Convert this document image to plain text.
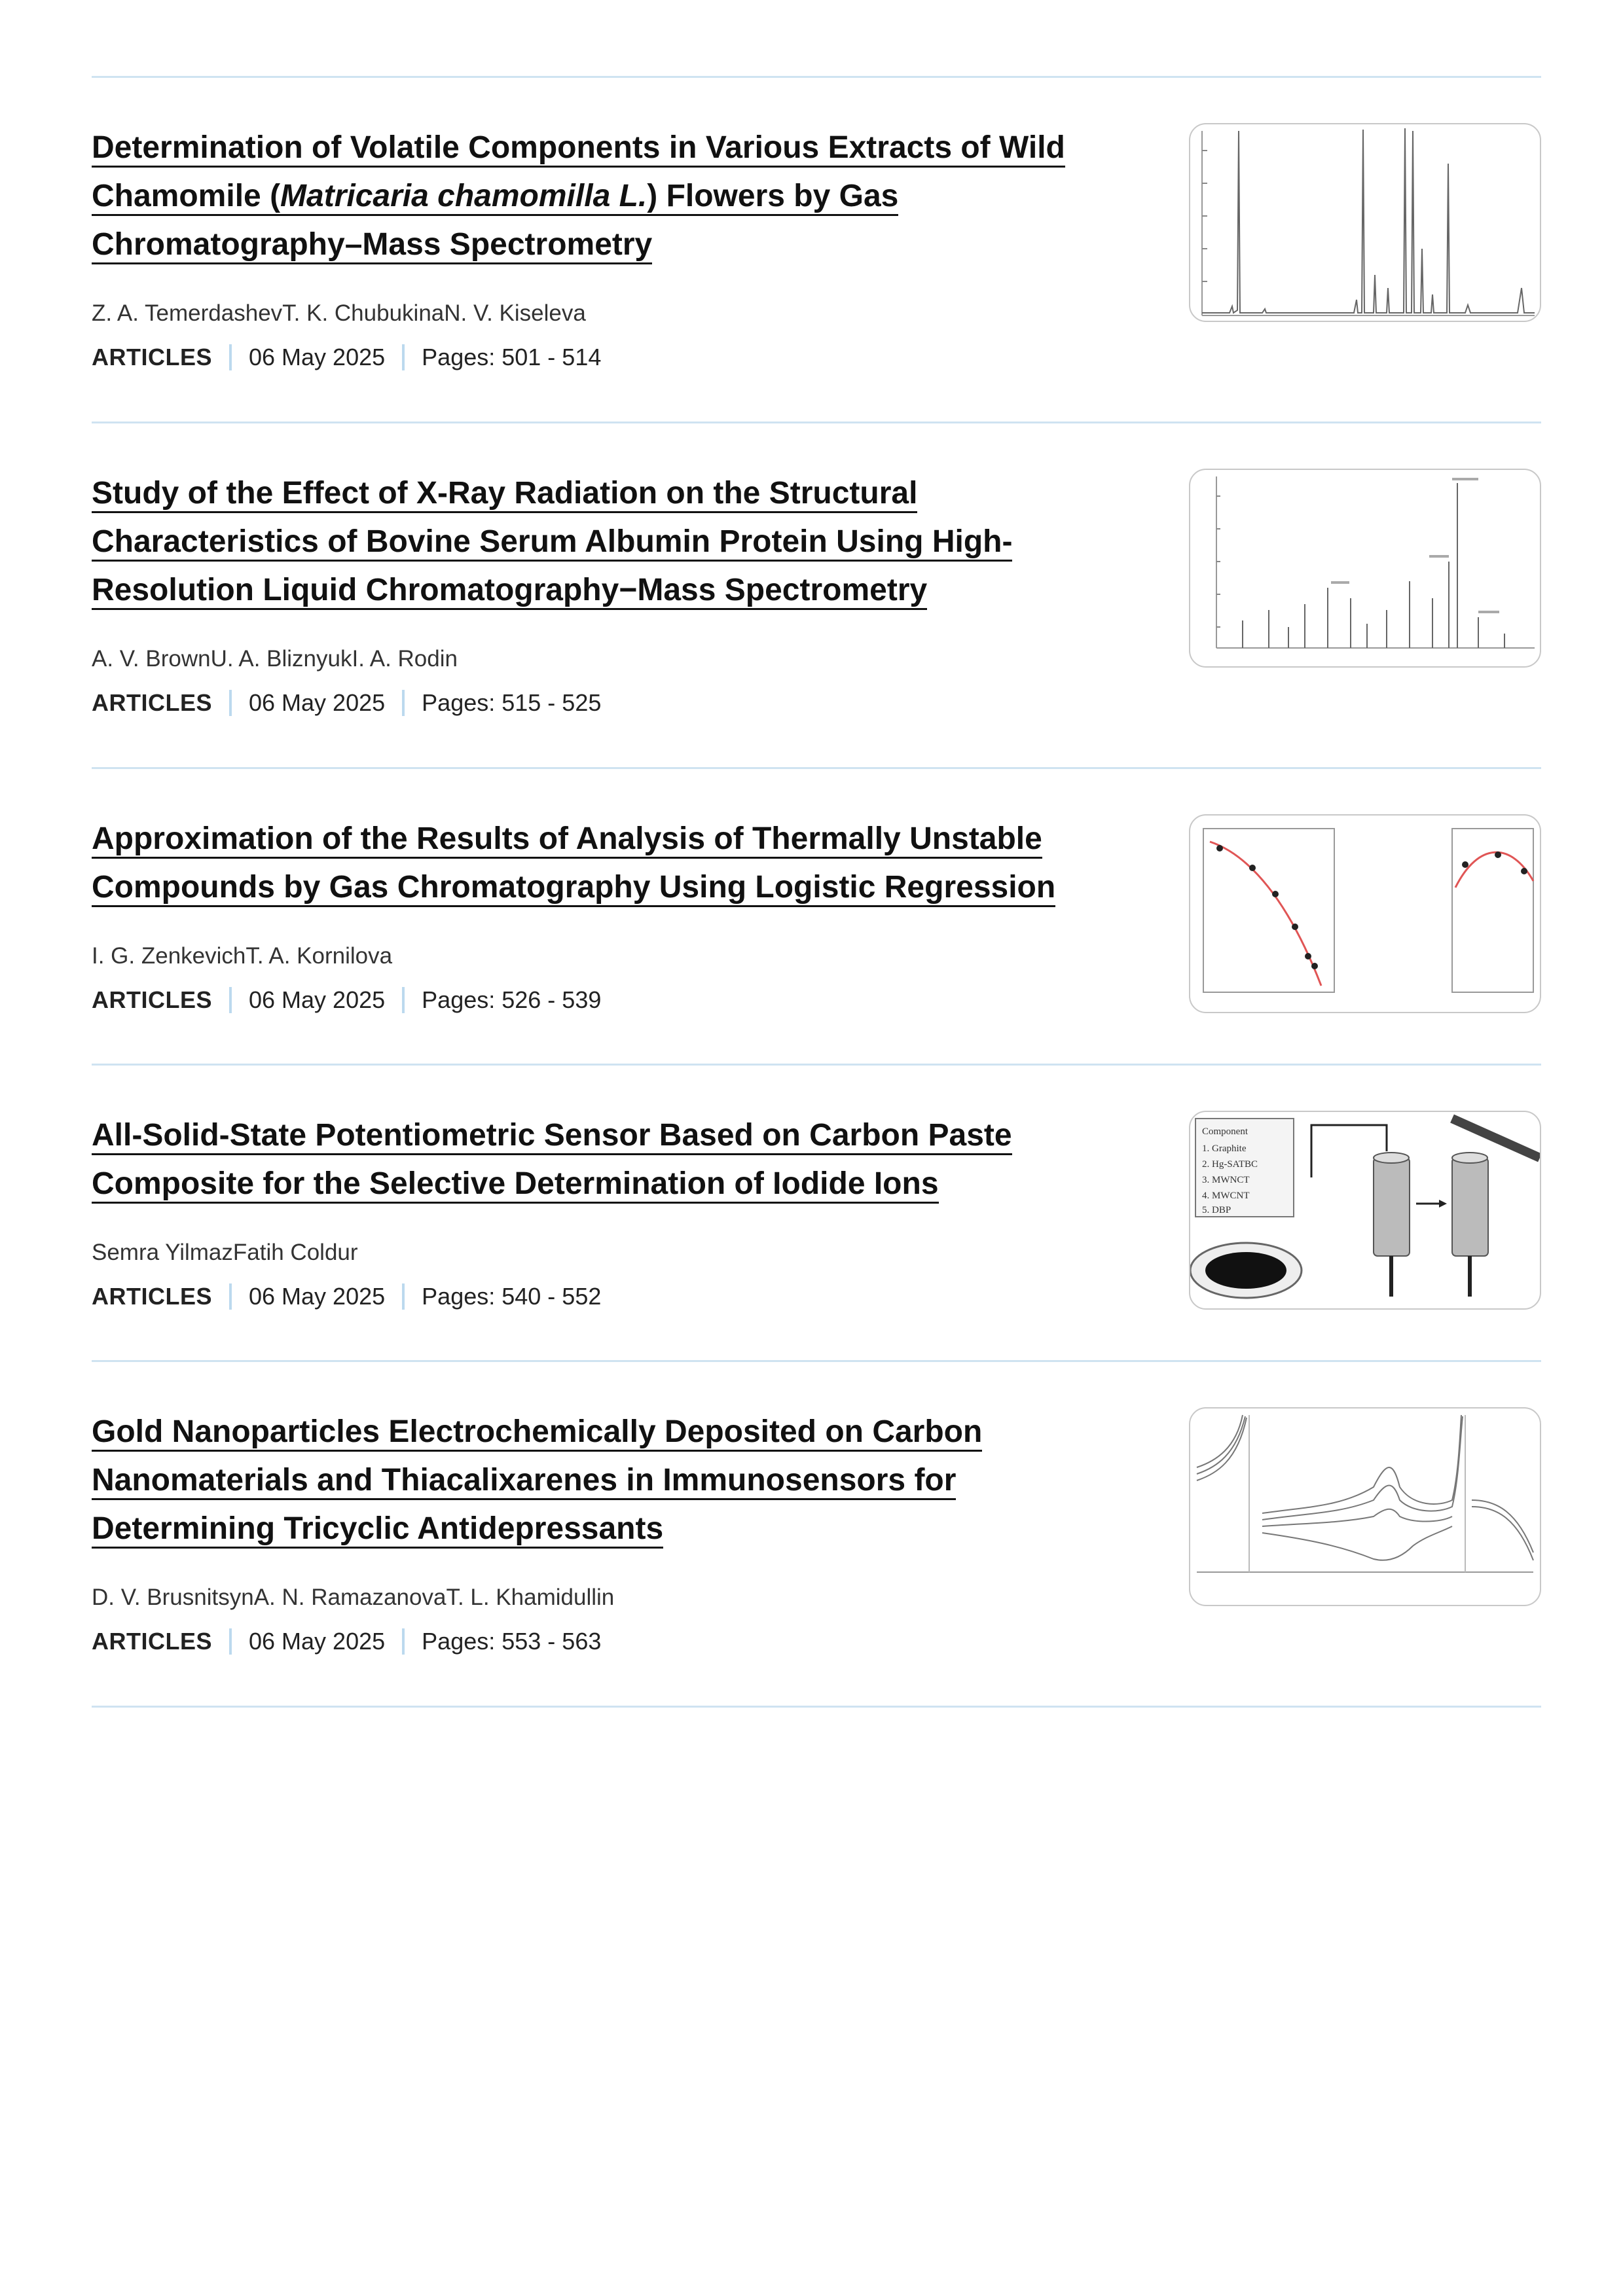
Determination of Volatile Components in Various Extracts of Wild Chamomile (Matricaria chamomilla L.) Flowers by Gas Chromatography–Mass Spectrometry
Z. A. TemerdashevT. K. ChubukinaN. V. Kiseleva
ARTICLES 06 May 2025 Pages: 501 - 514
Study of the Effect of X-Ray Radiation on the Structural Characteristics of Bovine Serum Albumin Protein Using High-Resolution Liquid Chromatography−Mass Spectrometry
A. V. BrownU. A. BliznyukI. A. Rodin
ARTICLES 06 May 2025 Pages: 515 - 525
Approximation of the Results of Analysis of Thermally Unstable Compounds by Gas Chromatography Using Logistic Regression
I. G. ZenkevichT. A. Kornilova
ARTICLES 06 May 2025 Pages: 526 - 539
All-Solid-State Potentiometric Sensor Based on Carbon Paste Composite for the Selective Determination of Iodide Ions
Semra YilmazFatih Coldur
ARTICLES 06 May 2025 Pages: 540 - 552
Component
1. Graphite
2. Hg-SATBC
3. MWNCT
4. MWCNT
5. DBP
Gold Nanoparticles Electrochemically Deposited on Carbon Nanomaterials and Thiacalixarenes in Immunosensors for Determining Tricyclic Antidepressants
D. V. BrusnitsynA. N. RamazanovaT. L. Khamidullin
ARTICLES 06 May 2025 Pages: 553 - 563
